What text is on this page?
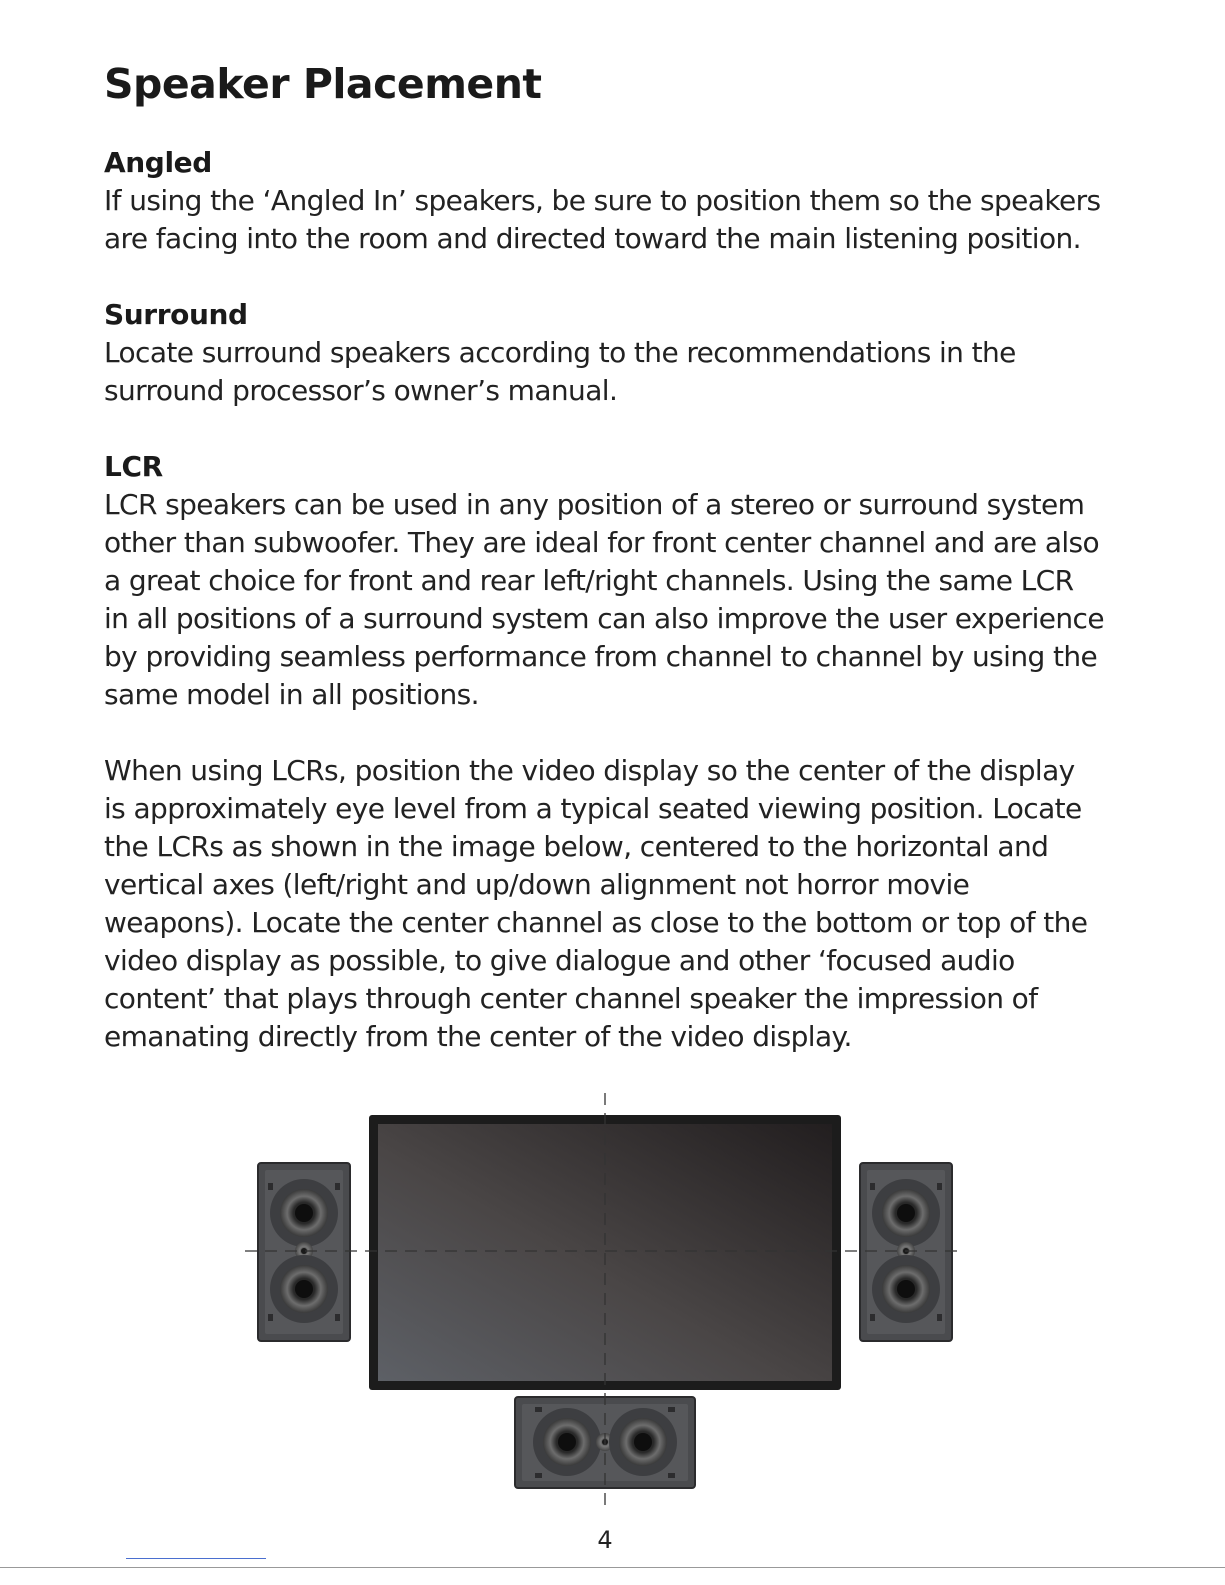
Speaker Placement
Angled

If using the ‘Angled In’ speakers, be sure to position them so the speakers are facing into the room and directed toward the main listening position.

Surround

Locate surround speakers according to the recommendations in the surround processor’s owner’s manual.

LCR

LCR speakers can be used in any position of a stereo or surround system other than subwoofer. They are ideal for front center channel and are also a great choice for front and rear left/right channels. Using the same LCR in all positions of a surround system can also improve the user experience by providing seamless performance from channel to channel by using the same model in all positions.

When using LCRs, position the video display so the center of the display is approximately eye level from a typical seated viewing position. Locate the LCRs as shown in the image below, centered to the horizontal and vertical axes (left/right and up/down alignment not horror movie weapons). Locate the center channel as close to the bottom or top of the video display as possible, to give dialogue and other ‘focused audio content’ that plays through center channel speaker the impression of emanating directly from the center of the video display.

4
